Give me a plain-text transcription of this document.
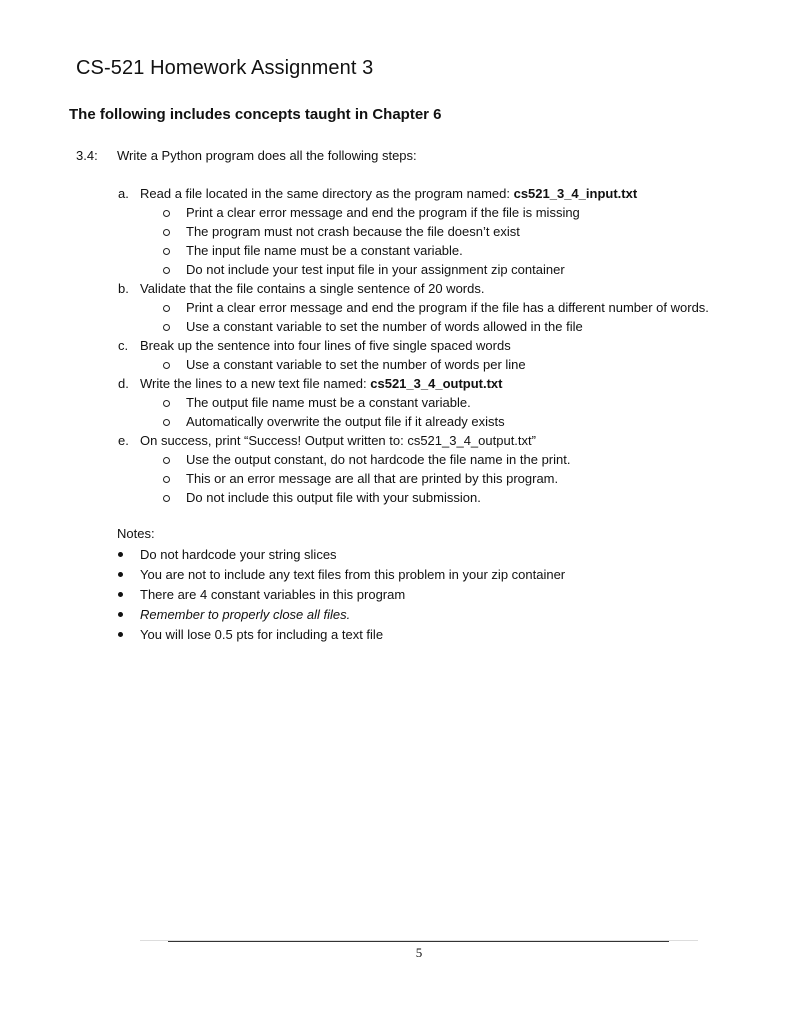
CS-521 Homework Assignment 3
The following includes concepts taught in Chapter 6
3.4: Write a Python program does all the following steps:
a. Read a file located in the same directory as the program named: cs521_3_4_input.txt
Print a clear error message and end the program if the file is missing
The program must not crash because the file doesn’t exist
The input file name must be a constant variable.
Do not include your test input file in your assignment zip container
b. Validate that the file contains a single sentence of 20 words.
Print a clear error message and end the program if the file has a different number of words.
Use a constant variable to set the number of words allowed in the file
c. Break up the sentence into four lines of five single spaced words
Use a constant variable to set the number of words per line
d. Write the lines to a new text file named: cs521_3_4_output.txt
The output file name must be a constant variable.
Automatically overwrite the output file if it already exists
e. On success, print “Success! Output written to: cs521_3_4_output.txt”
Use the output constant, do not hardcode the file name in the print.
This or an error message are all that are printed by this program.
Do not include this output file with your submission.
Notes:
Do not hardcode your string slices
You are not to include any text files from this problem in your zip container
There are 4 constant variables in this program
Remember to properly close all files.
You will lose 0.5 pts for including a text file
5
